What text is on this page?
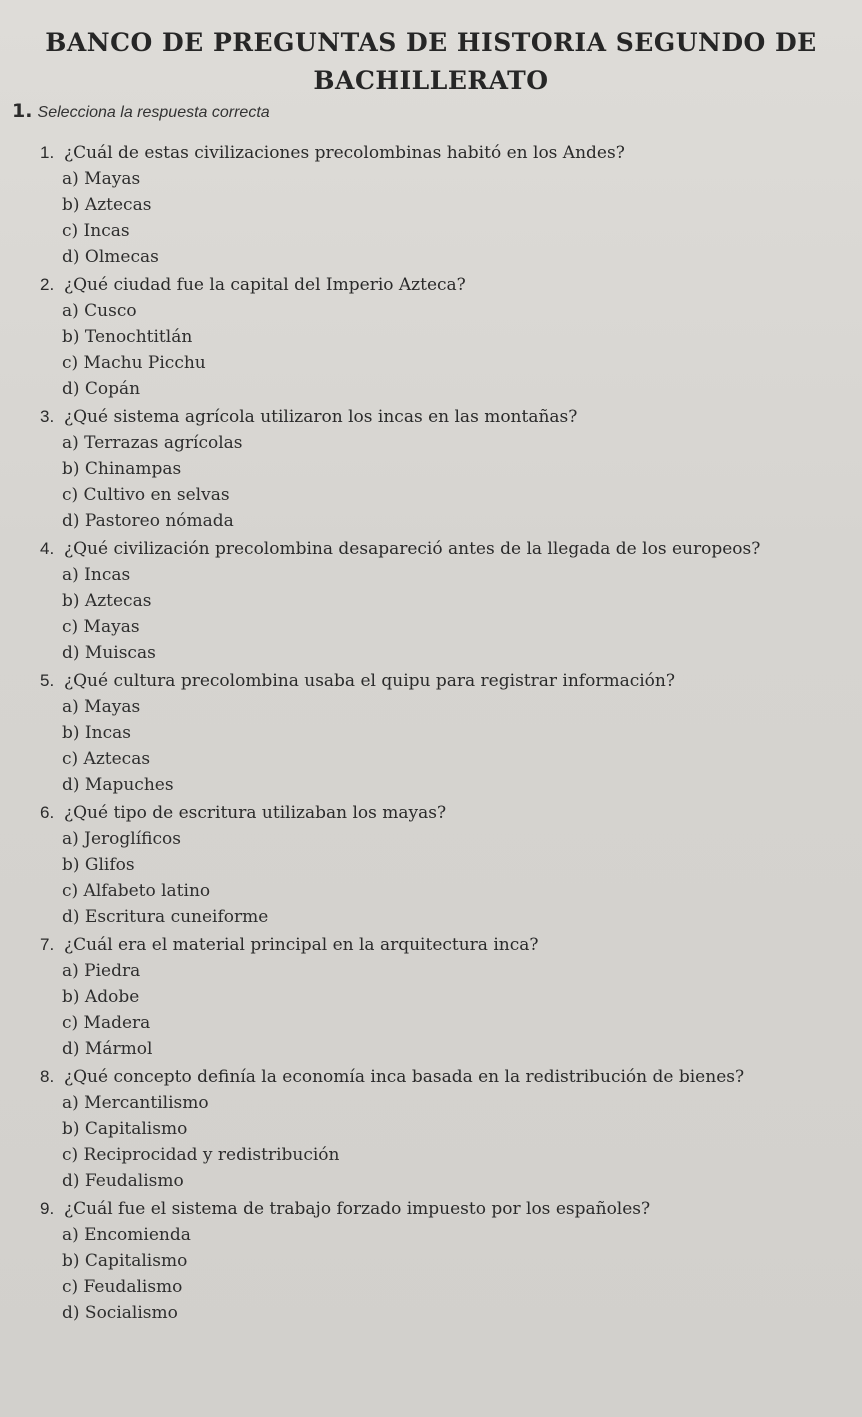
BANCO DE PREGUNTAS DE HISTORIA SEGUNDO DE
BACHILLERATO
1. Selecciona la respuesta correcta
1. ¿Cuál de estas civilizaciones precolombinas habitó en los Andes?
a) Mayas
b) Aztecas
c) Incas
d) Olmecas
2. ¿Qué ciudad fue la capital del Imperio Azteca?
a) Cusco
b) Tenochtitlán
c) Machu Picchu
d) Copán
3. ¿Qué sistema agrícola utilizaron los incas en las montañas?
a) Terrazas agrícolas
b) Chinampas
c) Cultivo en selvas
d) Pastoreo nómada
4. ¿Qué civilización precolombina desapareció antes de la llegada de los europeos?
a) Incas
b) Aztecas
c) Mayas
d) Muiscas
5. ¿Qué cultura precolombina usaba el quipu para registrar información?
a) Mayas
b) Incas
c) Aztecas
d) Mapuches
6. ¿Qué tipo de escritura utilizaban los mayas?
a) Jeroglíficos
b) Glifos
c) Alfabeto latino
d) Escritura cuneiforme
7. ¿Cuál era el material principal en la arquitectura inca?
a) Piedra
b) Adobe
c) Madera
d) Mármol
8. ¿Qué concepto definía la economía inca basada en la redistribución de bienes?
a) Mercantilismo
b) Capitalismo
c) Reciprocidad y redistribución
d) Feudalismo
9. ¿Cuál fue el sistema de trabajo forzado impuesto por los españoles?
a) Encomienda
b) Capitalismo
c) Feudalismo
d) Socialismo
